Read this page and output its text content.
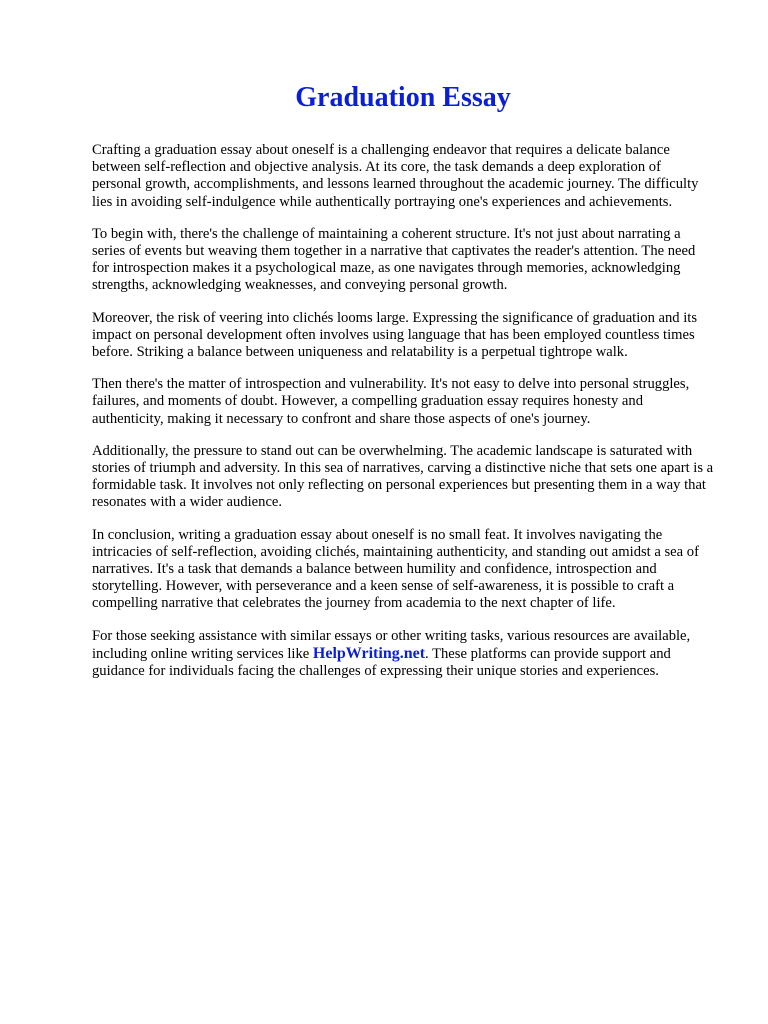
Graduation Essay

Crafting a graduation essay about oneself is a challenging endeavor that requires a delicate balance between self-reflection and objective analysis. At its core, the task demands a deep exploration of personal growth, accomplishments, and lessons learned throughout the academic journey. The difficulty lies in avoiding self-indulgence while authentically portraying one's experiences and achievements.

To begin with, there's the challenge of maintaining a coherent structure. It's not just about narrating a series of events but weaving them together in a narrative that captivates the reader's attention. The need for introspection makes it a psychological maze, as one navigates through memories, acknowledging strengths, acknowledging weaknesses, and conveying personal growth.

Moreover, the risk of veering into clichés looms large. Expressing the significance of graduation and its impact on personal development often involves using language that has been employed countless times before. Striking a balance between uniqueness and relatability is a perpetual tightrope walk.

Then there's the matter of introspection and vulnerability. It's not easy to delve into personal struggles, failures, and moments of doubt. However, a compelling graduation essay requires honesty and authenticity, making it necessary to confront and share those aspects of one's journey.

Additionally, the pressure to stand out can be overwhelming. The academic landscape is saturated with stories of triumph and adversity. In this sea of narratives, carving a distinctive niche that sets one apart is a formidable task. It involves not only reflecting on personal experiences but presenting them in a way that resonates with a wider audience.

In conclusion, writing a graduation essay about oneself is no small feat. It involves navigating the intricacies of self-reflection, avoiding clichés, maintaining authenticity, and standing out amidst a sea of narratives. It's a task that demands a balance between humility and confidence, introspection and storytelling. However, with perseverance and a keen sense of self-awareness, it is possible to craft a compelling narrative that celebrates the journey from academia to the next chapter of life.

For those seeking assistance with similar essays or other writing tasks, various resources are available, including online writing services like HelpWriting.net. These platforms can provide support and guidance for individuals facing the challenges of expressing their unique stories and experiences.
